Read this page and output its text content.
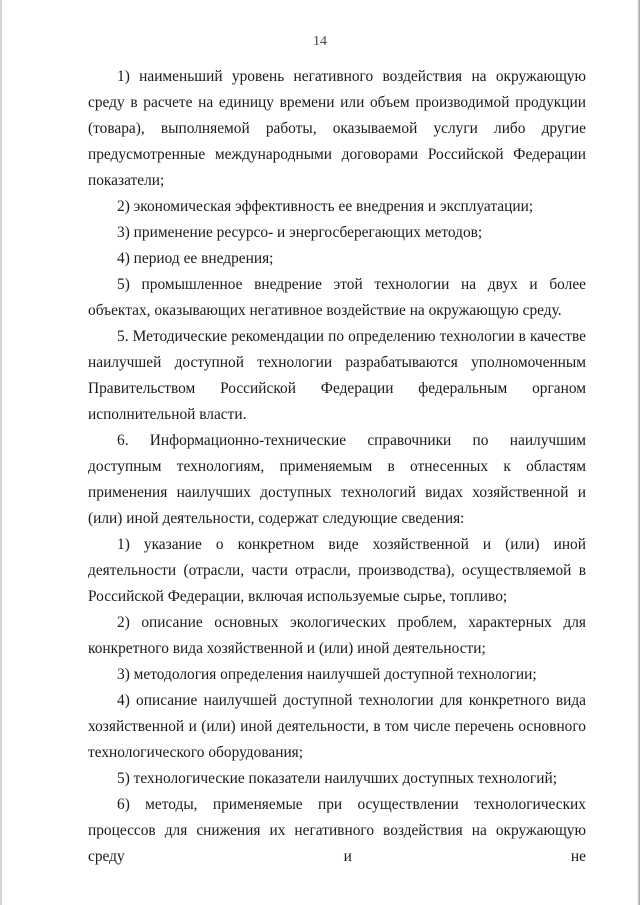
14

1) наименьший уровень негативного воздействия на окружающую среду в расчете на единицу времени или объем производимой продукции (товара), выполняемой работы, оказываемой услуги либо другие предусмотренные международными договорами Российской Федерации показатели;

2) экономическая эффективность ее внедрения и эксплуатации;

3) применение ресурсо- и энергосберегающих методов;

4) период ее внедрения;

5) промышленное внедрение этой технологии на двух и более объектах, оказывающих негативное воздействие на окружающую среду.

5. Методические рекомендации по определению технологии в качестве наилучшей доступной технологии разрабатываются уполномоченным Правительством Российской Федерации федеральным органом исполнительной власти.

6. Информационно-технические справочники по наилучшим доступным технологиям, применяемым в отнесенных к областям применения наилучших доступных технологий видах хозяйственной и (или) иной деятельности, содержат следующие сведения:

1) указание о конкретном виде хозяйственной и (или) иной деятельности (отрасли, части отрасли, производства), осуществляемой в Российской Федерации, включая используемые сырье, топливо;

2) описание основных экологических проблем, характерных для конкретного вида хозяйственной и (или) иной деятельности;

3) методология определения наилучшей доступной технологии;

4) описание наилучшей доступной технологии для конкретного вида хозяйственной и (или) иной деятельности, в том числе перечень основного технологического оборудования;

5) технологические показатели наилучших доступных технологий;

6) методы, применяемые при осуществлении технологических процессов для снижения их негативного воздействия на окружающую среду и не
